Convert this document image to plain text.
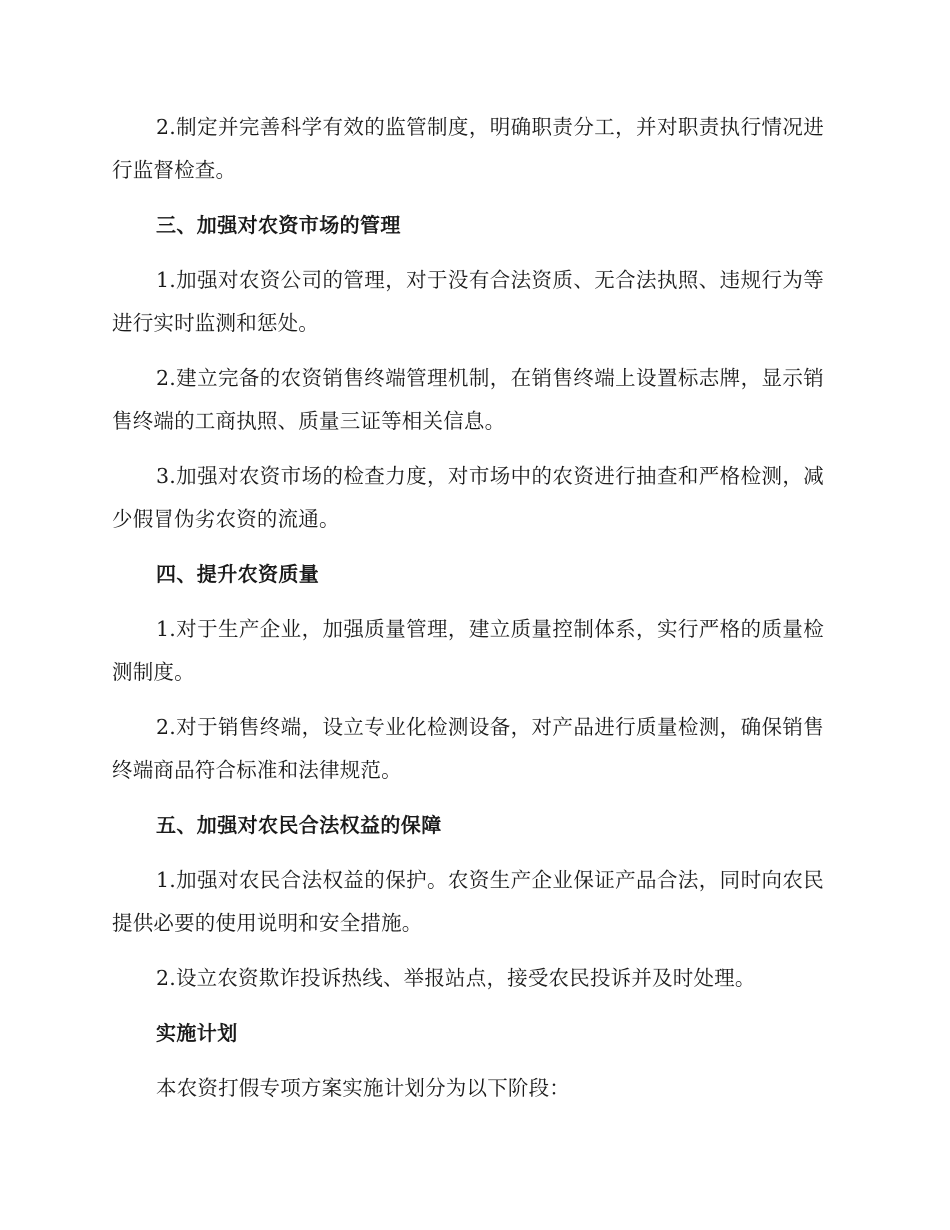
2.制定并完善科学有效的监管制度，明确职责分工，并对职责执行情况进行监督检查。

三、加强对农资市场的管理

1.加强对农资公司的管理，对于没有合法资质、无合法执照、违规行为等进行实时监测和惩处。

2.建立完备的农资销售终端管理机制，在销售终端上设置标志牌，显示销售终端的工商执照、质量三证等相关信息。

3.加强对农资市场的检查力度，对市场中的农资进行抽查和严格检测，减少假冒伪劣农资的流通。

四、提升农资质量

1.对于生产企业，加强质量管理，建立质量控制体系，实行严格的质量检测制度。

2.对于销售终端，设立专业化检测设备，对产品进行质量检测，确保销售终端商品符合标准和法律规范。

五、加强对农民合法权益的保障

1.加强对农民合法权益的保护。农资生产企业保证产品合法，同时向农民提供必要的使用说明和安全措施。

2.设立农资欺诈投诉热线、举报站点，接受农民投诉并及时处理。

实施计划

本农资打假专项方案实施计划分为以下阶段：
